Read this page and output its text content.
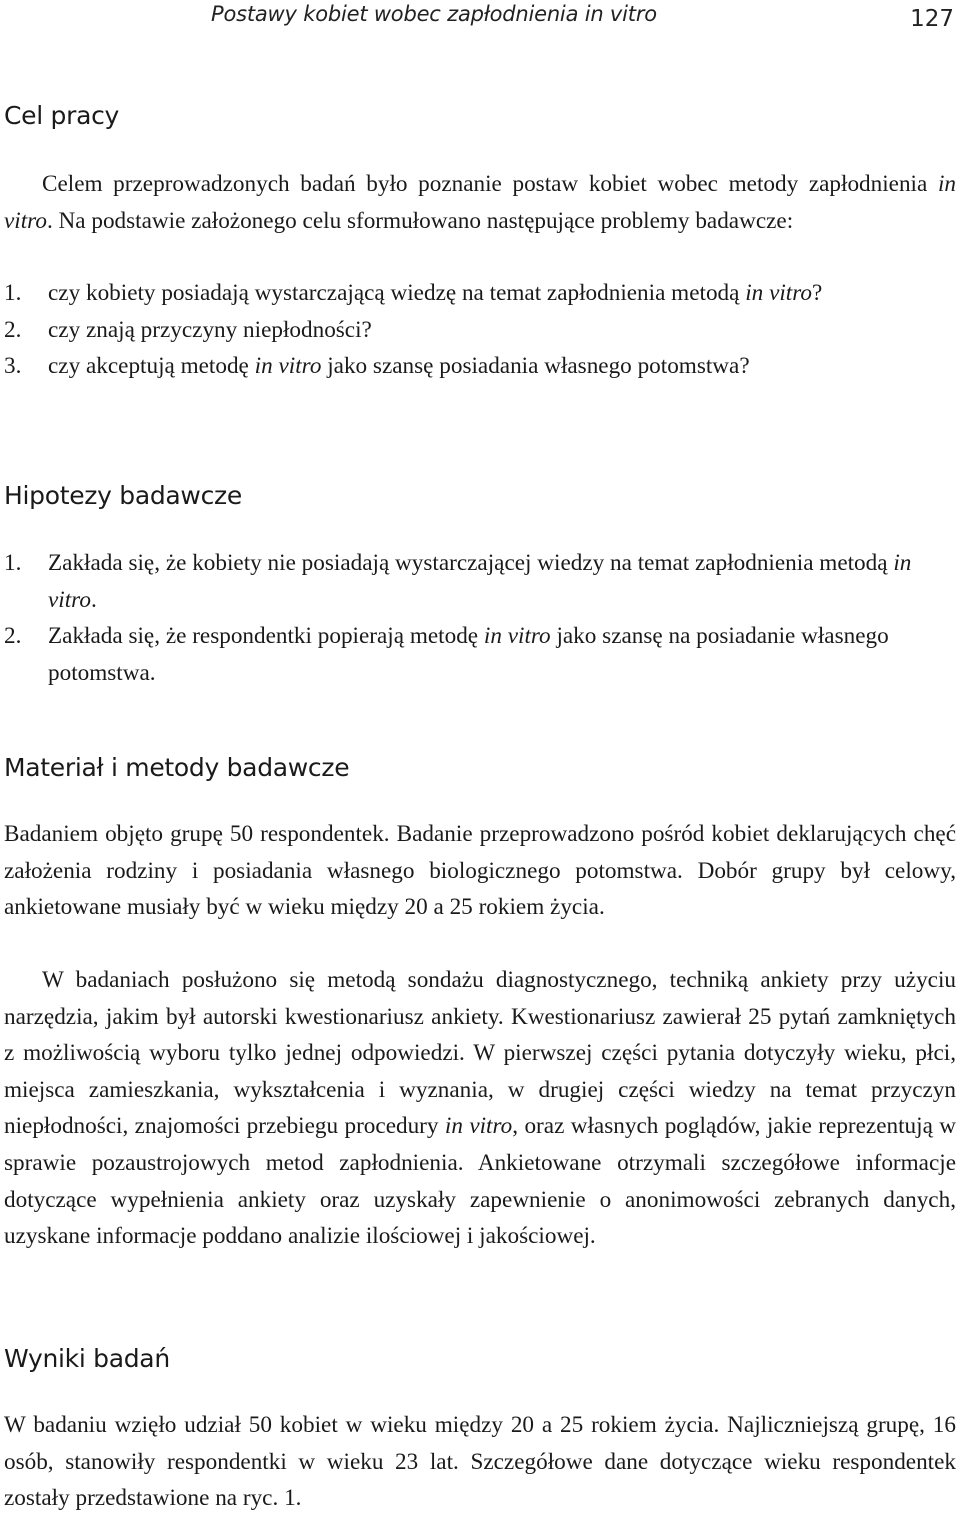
Postawy kobiet wobec zapłodnienia in vitro	127
Cel pracy

Celem przeprowadzonych badań było poznanie postaw kobiet wobec metody zapłodnienia in vitro. Na podstawie założonego celu sformułowano następujące problemy badawcze:

1. czy kobiety posiadają wystarczającą wiedzę na temat zapłodnienia metodą in vitro?
2. czy znają przyczyny niepłodności?
3. czy akceptują metodę in vitro jako szansę posiadania własnego potomstwa?
Hipotezy badawcze
1. Zakłada się, że kobiety nie posiadają wystarczającej wiedzy na temat zapłodnienia metodą in vitro.
2. Zakłada się, że respondentki popierają metodę in vitro jako szansę na posiadanie własnego potomstwa.
Materiał i metody badawcze

Badaniem objęto grupę 50 respondentek. Badanie przeprowadzono pośród kobiet deklarujących chęć założenia rodziny i posiadania własnego biologicznego potomstwa. Dobór grupy był celowy, ankietowane musiały być w wieku między 20 a 25 rokiem życia.

W badaniach posłużono się metodą sondażu diagnostycznego, techniką ankiety przy użyciu narzędzia, jakim był autorski kwestionariusz ankiety. Kwestionariusz zawierał 25 pytań zamkniętych z możliwością wyboru tylko jednej odpowiedzi. W pierwszej części pytania dotyczyły wieku, płci, miejsca zamieszkania, wykształcenia i wyznania, w drugiej części wiedzy na temat przyczyn niepłodności, znajomości przebiegu procedury in vitro, oraz własnych poglądów, jakie reprezentują w sprawie pozaustrojowych metod zapłodnienia. Ankietowane otrzymali szczegółowe informacje dotyczące wypełnienia ankiety oraz uzyskały zapewnienie o anonimowości zebranych danych, uzyskane informacje poddano analizie ilościowej i jakościowej.

Wyniki badań

W badaniu wzięło udział 50 kobiet w wieku między 20 a 25 rokiem życia. Najliczniejszą grupę, 16 osób, stanowiły respondentki w wieku 23 lat. Szczegółowe dane dotyczące wieku respondentek zostały przedstawione na ryc. 1.
